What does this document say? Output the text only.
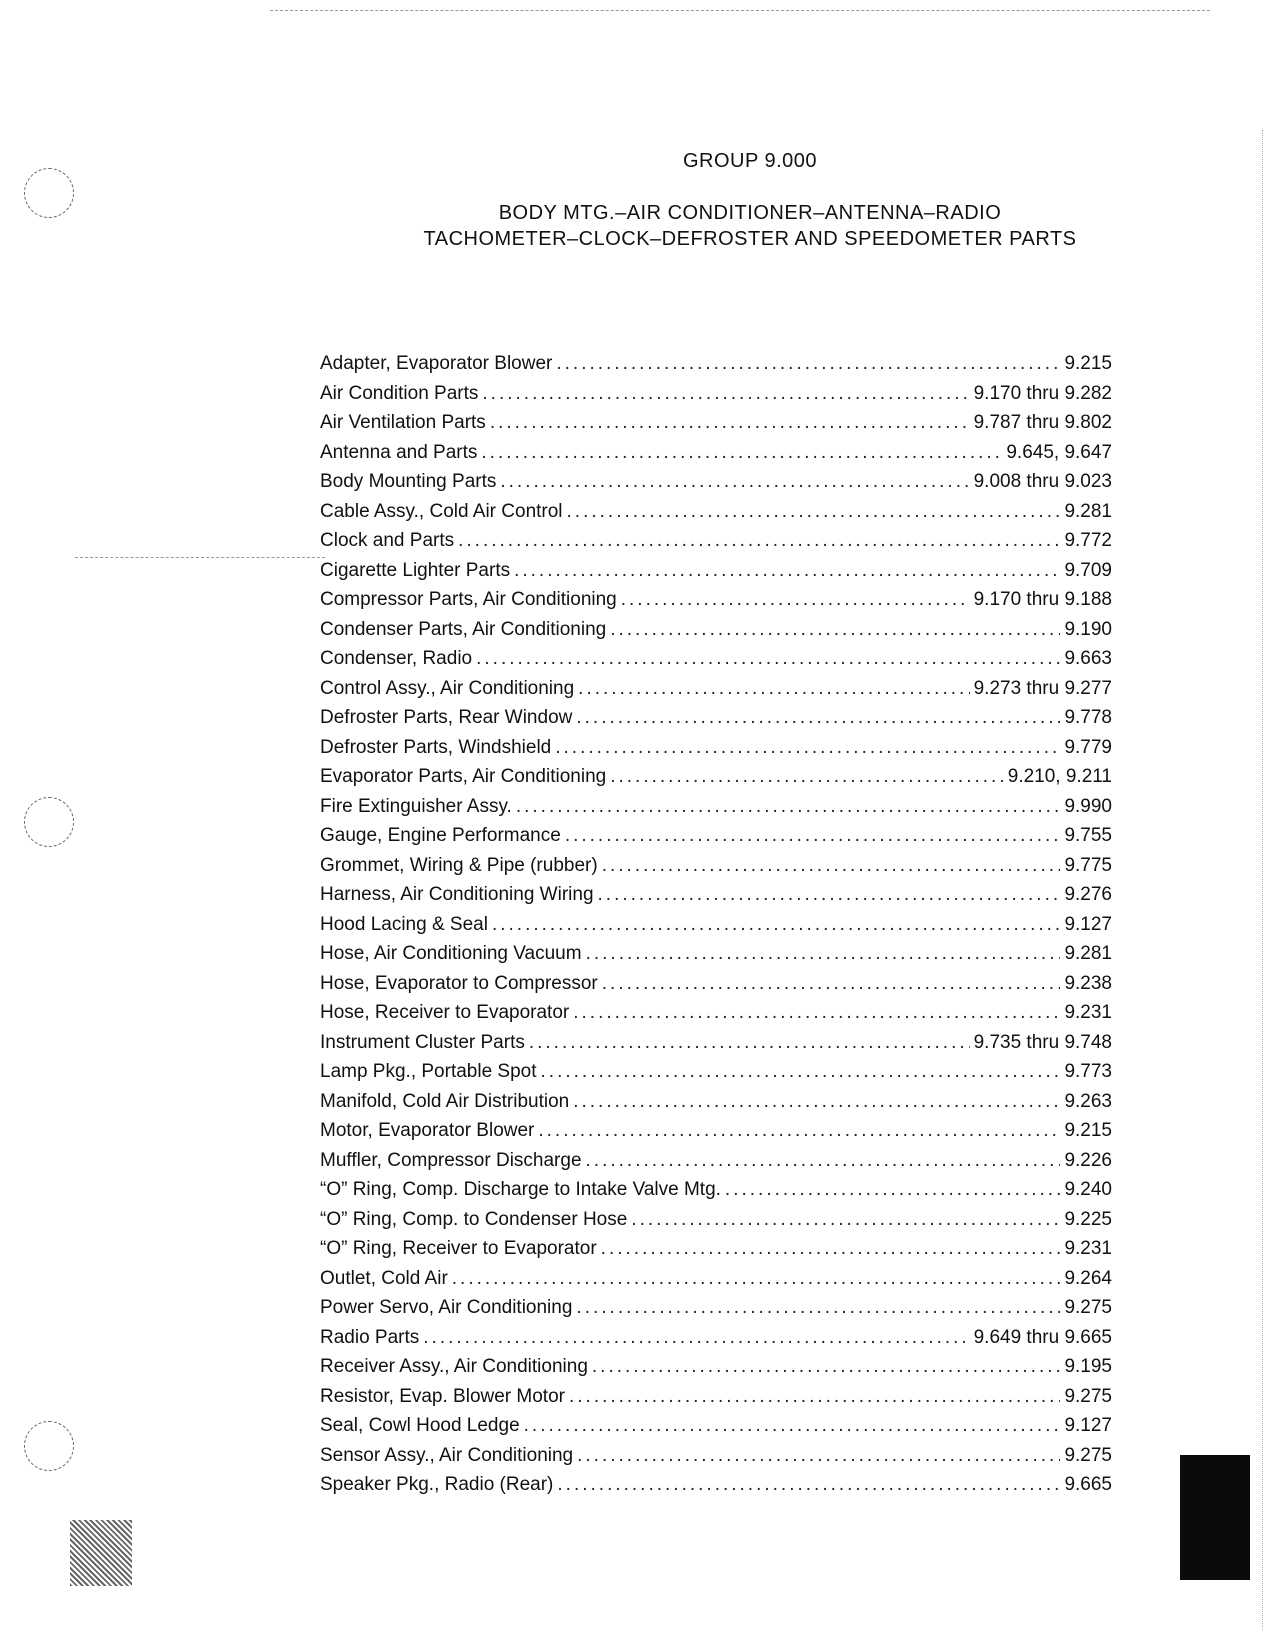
GROUP 9.000
BODY MTG.–AIR CONDITIONER–ANTENNA–RADIO
TACHOMETER–CLOCK–DEFROSTER AND SPEEDOMETER PARTS
Adapter, Evaporator Blower .....	9.215
Air Condition Parts .....	9.170 thru 9.282
Air Ventilation Parts .....	9.787 thru 9.802
Antenna and Parts .....	9.645, 9.647
Body Mounting Parts .....	9.008 thru 9.023
Cable Assy., Cold Air Control .....	9.281
Clock and Parts .....	9.772
Cigarette Lighter Parts .....	9.709
Compressor Parts, Air Conditioning .....	9.170 thru 9.188
Condenser Parts, Air Conditioning .....	9.190
Condenser, Radio .....	9.663
Control Assy., Air Conditioning .....	9.273 thru 9.277
Defroster Parts, Rear Window .....	9.778
Defroster Parts, Windshield .....	9.779
Evaporator Parts, Air Conditioning .....	9.210, 9.211
Fire Extinguisher Assy. .....	9.990
Gauge, Engine Performance .....	9.755
Grommet, Wiring & Pipe (rubber) .....	9.775
Harness, Air Conditioning Wiring .....	9.276
Hood Lacing & Seal .....	9.127
Hose, Air Conditioning Vacuum .....	9.281
Hose, Evaporator to Compressor .....	9.238
Hose, Receiver to Evaporator .....	9.231
Instrument Cluster Parts .....	9.735 thru 9.748
Lamp Pkg., Portable Spot .....	9.773
Manifold, Cold Air Distribution .....	9.263
Motor, Evaporator Blower .....	9.215
Muffler, Compressor Discharge .....	9.226
“O” Ring, Comp. Discharge to Intake Valve Mtg. .....	9.240
“O” Ring, Comp. to Condenser Hose .....	9.225
“O” Ring, Receiver to Evaporator .....	9.231
Outlet, Cold Air .....	9.264
Power Servo, Air Conditioning .....	9.275
Radio Parts .....	9.649 thru 9.665
Receiver Assy., Air Conditioning .....	9.195
Resistor, Evap. Blower Motor .....	9.275
Seal, Cowl Hood Ledge .....	9.127
Sensor Assy., Air Conditioning .....	9.275
Speaker Pkg., Radio (Rear) .....	9.665
